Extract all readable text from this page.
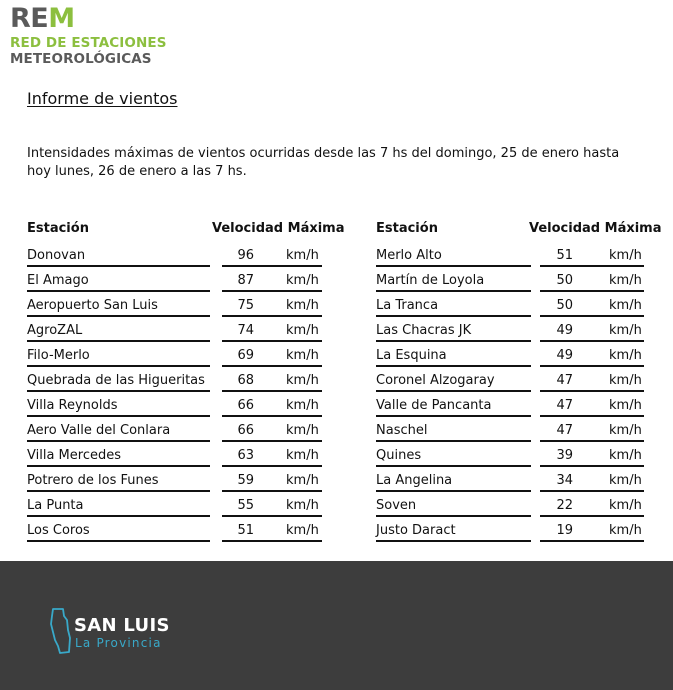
REM
RED DE ESTACIONES
METEOROLÓGICAS
Informe de vientos
Intensidades máximas de vientos ocurridas desde las 7 hs del domingo, 25 de enero hasta hoy lunes, 26 de enero a las 7 hs.
Estación	Velocidad Máxima
Donovan	96 km/h
El Amago	87 km/h
Aeropuerto San Luis	75 km/h
AgroZAL	74 km/h
Filo-Merlo	69 km/h
Quebrada de las Higueritas	68 km/h
Villa Reynolds	66 km/h
Aero Valle del Conlara	66 km/h
Villa Mercedes	63 km/h
Potrero de los Funes	59 km/h
La Punta	55 km/h
Los Coros	51 km/h
Estación	Velocidad Máxima
Merlo Alto	51	km/h
Martín de Loyola	50	km/h
La Tranca	50	km/h
Las Chacras JK	49	km/h
La Esquina	49	km/h
Coronel Alzogaray	47	km/h
Valle de Pancanta	47	km/h
Naschel	47	km/h
Quines	39	km/h
La Angelina	34	km/h
Soven	22	km/h
Justo Daract	19	km/h
SAN LUIS
La Provincia
